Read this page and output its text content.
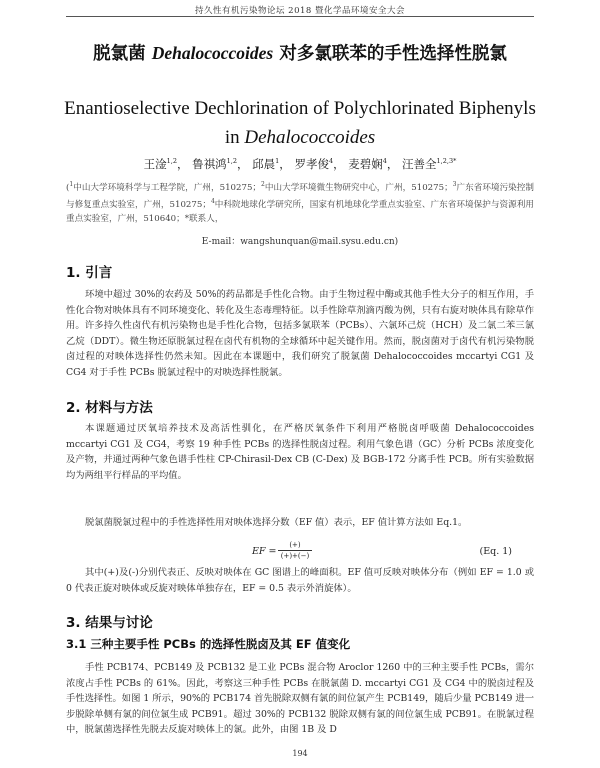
持久性有机污染物论坛 2018 暨化学品环境安全大会
脱氯菌 Dehalococcoides 对多氯联苯的手性选择性脱氯
Enantioselective Dechlorination of Polychlorinated Biphenyls
in Dehalococcoides
王淦$^{1,2}$， 鲁祺鸿$^{1,2}$， 邱晨$^1$， 罗孝俊$^4$， 麦碧娴$^4$， 汪善全$^{1,2,3*}$
($^1$中山大学环境科学与工程学院，广州，510275；$^2$中山大学环境微生物研究中心，广州，510275；$^3$广东省环境污染控制与修复重点实验室，广州，510275；$^4$中科院地球化学研究所，国家有机地球化学重点实验室、广东省环境保护与资源利用重点实验室，广州，510640；*联系人，
E-mail：wangshunquan@mail.sysu.edu.cn)
1. 引言
环境中超过 30%的农药及 50%的药品都是手性化合物。由于生物过程中酶或其他手性大分子的相互作用，手性化合物对映体具有不同环境变化、转化及生态毒理特征。以手性除草剂滴丙酸为例，只有右旋对映体具有除草作用。许多持久性卤代有机污染物也是手性化合物，包括多氯联苯（PCBs）、六氯环己烷（HCH）及二氯二苯三氯乙烷（DDT）。微生物还原脱氯过程在卤代有机物的全球循环中起关键作用。然而，脱卤菌对于卤代有机污染物脱卤过程的对映体选择性仍然未知。因此在本课题中，我们研究了脱氯菌 Dehalococcoides mccartyi CG1 及 CG4 对于手性 PCBs 脱氯过程中的对映选择性脱氯。
2. 材料与方法
本课题通过厌氧培养技术及高活性驯化，在严格厌氧条件下利用严格脱卤呼吸菌 Dehalococcoides mccartyi CG1 及 CG4，考察 19 种手性 PCBs 的选择性脱卤过程。利用气象色谱（GC）分析 PCBs 浓度变化及产物，并通过两种气象色谱手性柱 CP-Chirasil-Dex CB (C-Dex) 及 BGB-172 分离手性 PCB。所有实验数据均为两组平行样品的平均值。
脱氯菌脱氯过程中的手性选择性用对映体选择分数（EF 值）表示，EF 值计算方法如 Eq.1。
EF =
(+)
(+)+(−)	(Eq. 1)
其中(+)及(-)分别代表正、反映对映体在 GC 图谱上的峰面积。EF 值可反映对映体分布（例如 EF = 1.0 或 0 代表正旋对映体或反旋对映体单独存在，EF = 0.5 表示外消旋体）。
3. 结果与讨论
3.1 三种主要手性 PCBs 的选择性脱卤及其 EF 值变化
手性 PCB174、PCB149 及 PCB132 是工业 PCBs 混合物 Aroclor 1260 中的三种主要手性 PCBs，需尔浓度占手性 PCBs 的 61%。因此，考察这三种手性 PCBs 在脱氯菌 D. mccartyi CG1 及 CG4 中的脱卤过程及手性选择性。如图 1 所示，90%的 PCB174 首先脱除双侧有氯的间位氯产生 PCB149，随后少量 PCB149 进一步脱除单侧有氯的间位氯生成 PCB91。超过 30%的 PCB132 脱除双侧有氯的间位氯生成 PCB91。在脱氯过程中，脱氯菌选择性先脱去反旋对映体上的氯。此外，由图 1B 及 D
194
